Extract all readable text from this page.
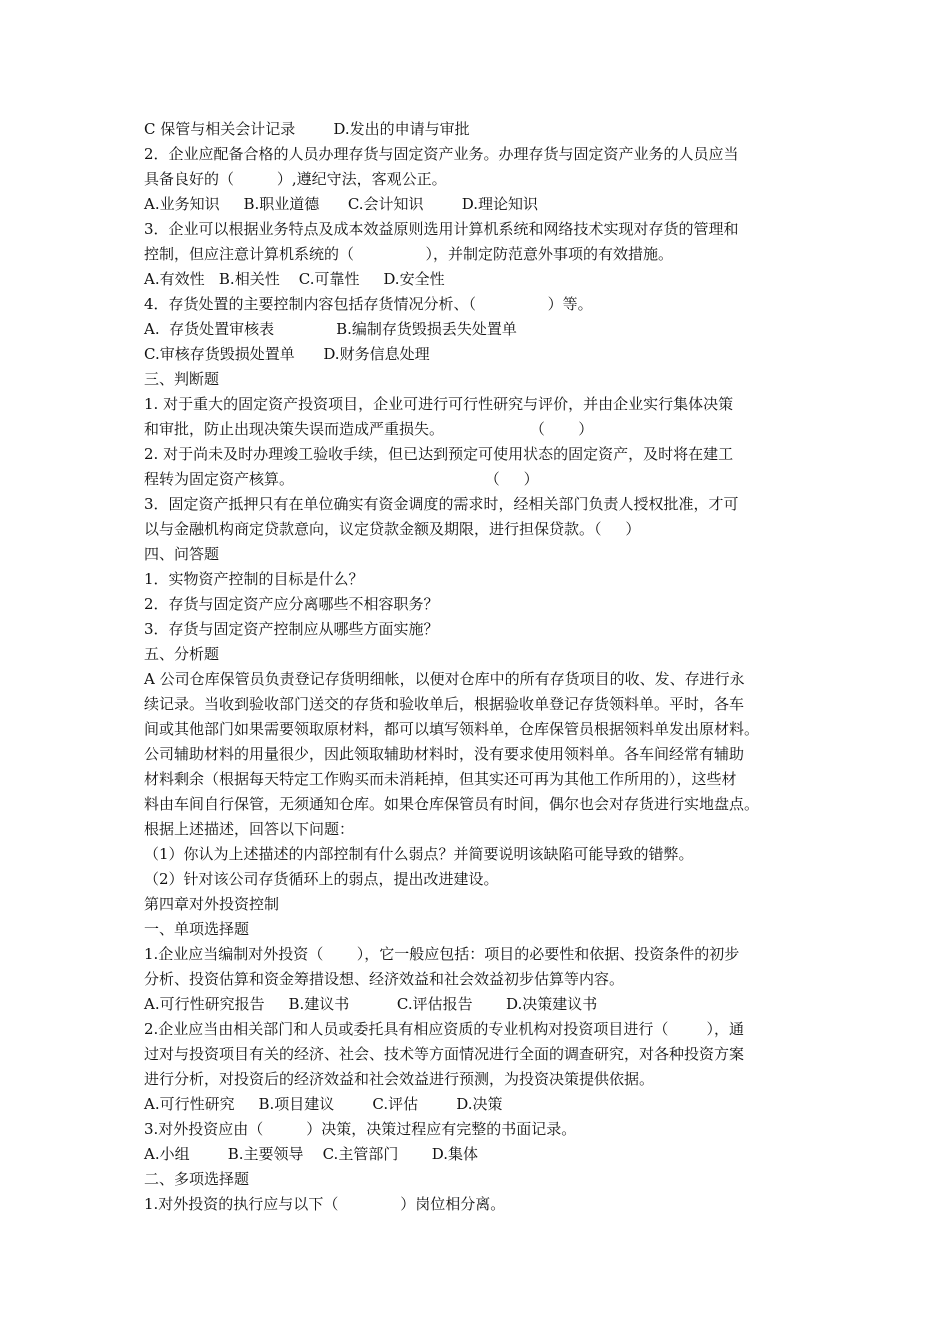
C 保管与相关会计记录        D.发出的申请与审批
2．企业应配备合格的人员办理存货与固定资产业务。办理存货与固定资产业务的人员应当
具备良好的（         ）,遵纪守法，客观公正。
A.业务知识     B.职业道德      C.会计知识        D.理论知识
3．企业可以根据业务特点及成本效益原则选用计算机系统和网络技术实现对存货的管理和
控制，但应注意计算机系统的（               ），并制定防范意外事项的有效措施。
A.有效性   B.相关性    C.可靠性     D.安全性
4．存货处置的主要控制内容包括存货情况分析、（               ）等。
A.  存货处置审核表             B.编制存货毁损丢失处置单
C.审核存货毁损处置单      D.财务信息处理
三、判断题
1. 对于重大的固定资产投资项目，企业可进行可行性研究与评价，并由企业实行集体决策
和审批，防止出现决策失误而造成严重损失。                  （       ）
2. 对于尚未及时办理竣工验收手续，但已达到预定可使用状态的固定资产，及时将在建工
程转为固定资产核算。                                        （     ）
3．固定资产抵押只有在单位确实有资金调度的需求时，经相关部门负责人授权批准，才可
以与金融机构商定贷款意向，议定贷款金额及期限，进行担保贷款。（     ）
四、问答题
1．实物资产控制的目标是什么？
2．存货与固定资产应分离哪些不相容职务？
3．存货与固定资产控制应从哪些方面实施？
五、分析题
A 公司仓库保管员负责登记存货明细帐，以便对仓库中的所有存货项目的收、发、存进行永
续记录。当收到验收部门送交的存货和验收单后，根据验收单登记存货领料单。平时，各车
间或其他部门如果需要领取原材料，都可以填写领料单，仓库保管员根据领料单发出原材料。
公司辅助材料的用量很少，因此领取辅助材料时，没有要求使用领料单。各车间经常有辅助
材料剩余（根据每天特定工作购买而未消耗掉，但其实还可再为其他工作所用的），这些材
料由车间自行保管，无须通知仓库。如果仓库保管员有时间，偶尔也会对存货进行实地盘点。
根据上述描述，回答以下问题：
（1）你认为上述描述的内部控制有什么弱点？并简要说明该缺陷可能导致的错弊。
（2）针对该公司存货循环上的弱点，提出改进建设。
第四章对外投资控制
一、单项选择题
1.企业应当编制对外投资（       ），它一般应包括：项目的必要性和依据、投资条件的初步
分析、投资估算和资金筹措设想、经济效益和社会效益初步估算等内容。
A.可行性研究报告     B.建议书          C.评估报告       D.决策建议书
2.企业应当由相关部门和人员或委托具有相应资质的专业机构对投资项目进行（        ），通
过对与投资项目有关的经济、社会、技术等方面情况进行全面的调查研究，对各种投资方案
进行分析，对投资后的经济效益和社会效益进行预测，为投资决策提供依据。
A.可行性研究     B.项目建议        C.评估        D.决策
3.对外投资应由（         ）决策，决策过程应有完整的书面记录。
A.小组        B.主要领导    C.主管部门       D.集体
二、多项选择题
1.对外投资的执行应与以下（             ）岗位相分离。
